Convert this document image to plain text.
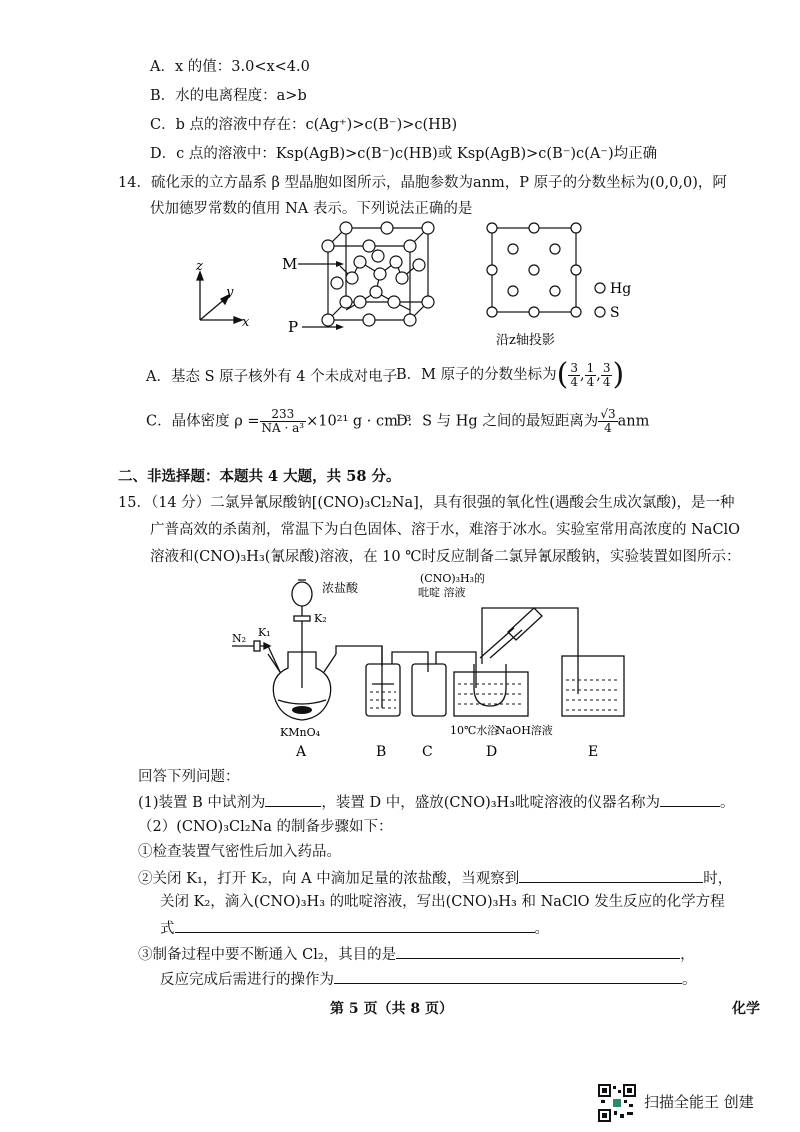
A．x 的值：3.0<x<4.0
B．水的电离程度：a>b
C．b 点的溶液中存在：c(Ag⁺)>c(B⁻)>c(HB)
D．c 点的溶液中：Ksp(AgB)>c(B⁻)c(HB)或 Ksp(AgB)>c(B⁻)c(A⁻)均正确
14．硫化汞的立方晶系 β 型晶胞如图所示，晶胞参数为anm，P 原子的分数坐标为(0,0,0)，阿
伏加德罗常数的值用 NA 表示。下列说法正确的是
z
y
x
M
P
沿z轴投影
Hg
S
A．基态 S 原子核外有 4 个未成对电子
B．M 原子的分数坐标为( $\frac{3}{4}$ , $\frac{1}{4}$ , $\frac{3}{4}$ )
C．晶体密度 $\rho = \frac{233}{\text{NA · a³}} \times 10^{21}$ g · cm⁻³
D．S 与 Hg 之间的最短距离为 $\frac{√3}{4}$ anm
二、非选择题：本题共 4 大题，共 58 分。
15．（14 分）二氯异氰尿酸钠[(CNO)₃Cl₂Na]，具有很强的氧化性(遇酸会生成次氯酸)，是一种
广普高效的杀菌剂，常温下为白色固体、溶于水，难溶于冰水。实验室常用高浓度的 NaClO
溶液和(CNO)₃H₃(氰尿酸)溶液，在 10 ℃时反应制备二氯异氰尿酸钠，实验装置如图所示：
浓盐酸
K₂
K₁
N₂
(CNO)₃H₃的
吡啶 溶液
KMnO₄	10℃水浴
NaOH溶液
A	B	C	D	E
回答下列问题：
(1)装置 B 中试剂为	，装置 D 中，盛放(CNO)₃H₃吡啶溶液的仪器名称为	。
（2）(CNO)₃Cl₂Na 的制备步骤如下：
①检查装置气密性后加入药品。
②关闭 K₁，打开 K₂，向 A 中滴加足量的浓盐酸，当观察到	时，
关闭 K₂，滴入(CNO)₃H₃ 的吡啶溶液，写出(CNO)₃H₃ 和 NaClO 发生反应的化学方程
式	。
③制备过程中要不断通入 Cl₂，其目的是	，
反应完成后需进行的操作为	。
第 5 页（共 8 页）	化学
扫描全能王 创建
